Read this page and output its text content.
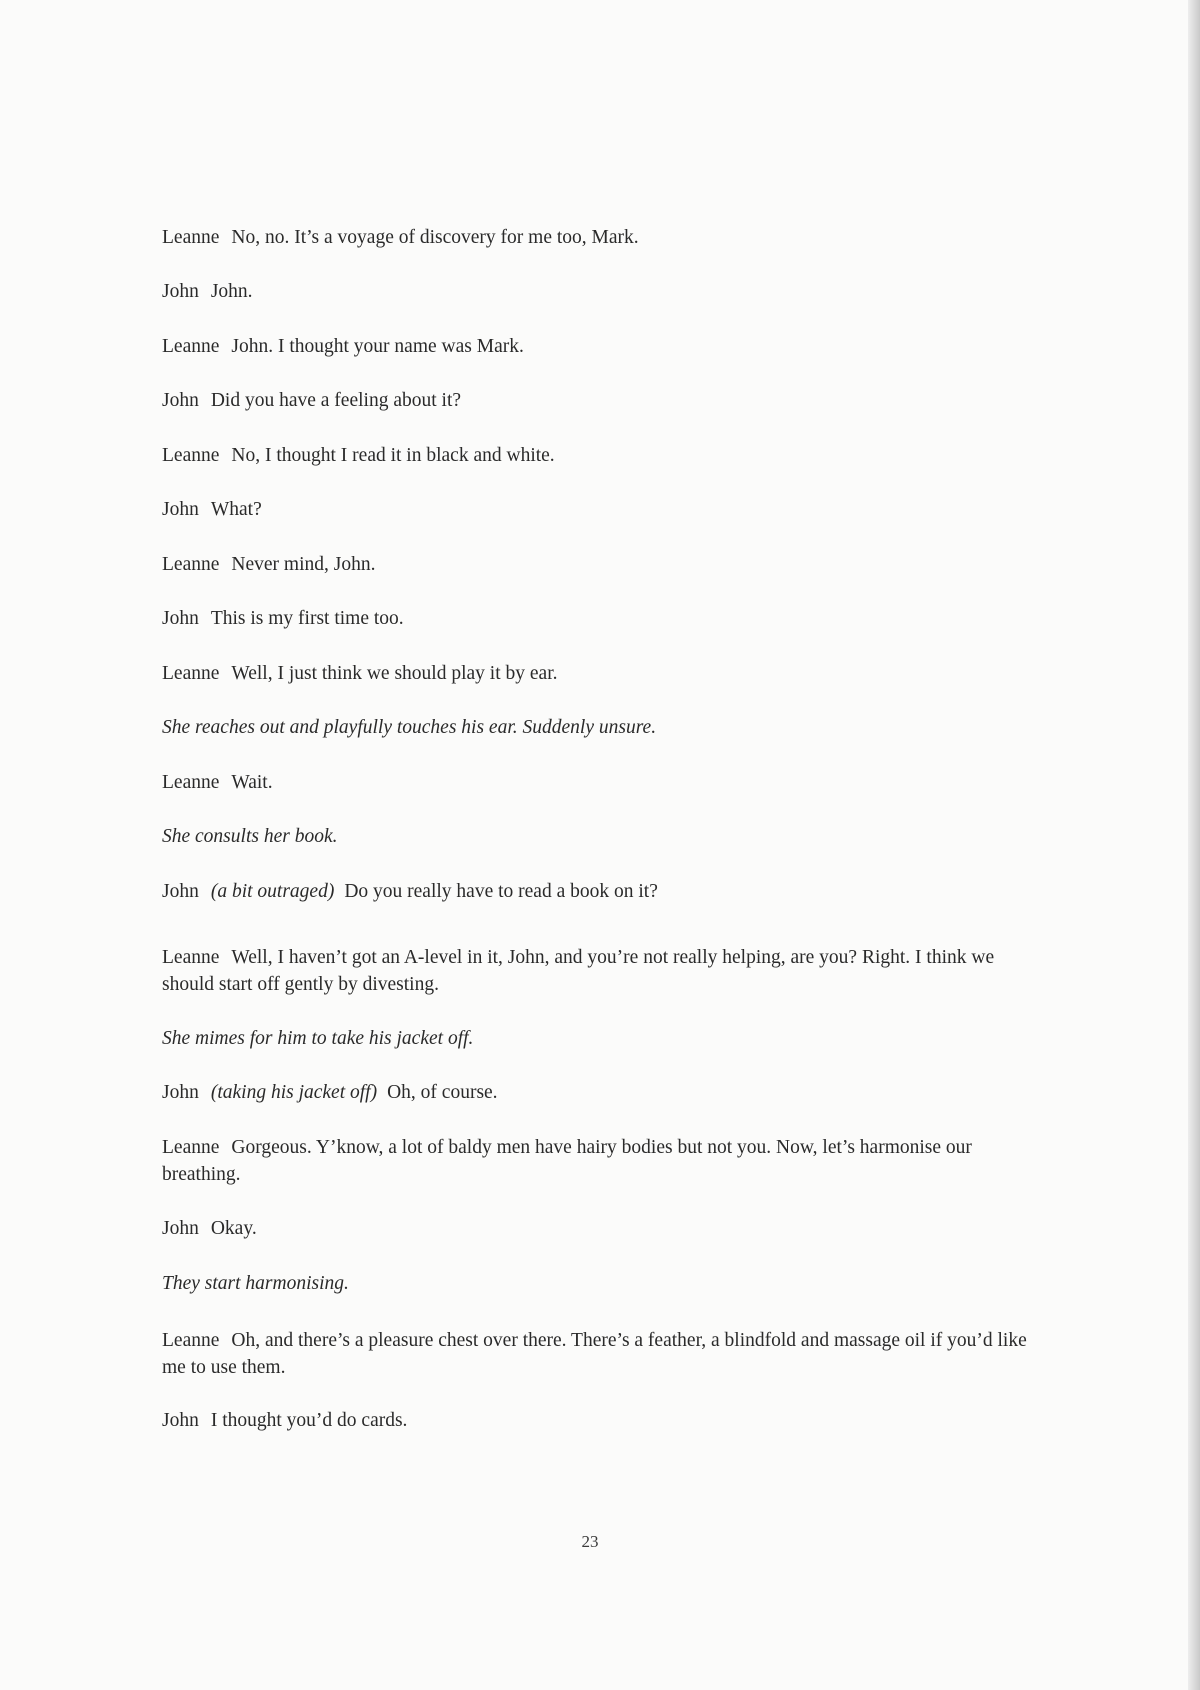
Leanne No, no. It’s a voyage of discovery for me too, Mark.

John John.

Leanne John. I thought your name was Mark.

John Did you have a feeling about it?

Leanne No, I thought I read it in black and white.

John What?

Leanne Never mind, John.

John This is my first time too.

Leanne Well, I just think we should play it by ear.

She reaches out and playfully touches his ear. Suddenly unsure.

Leanne Wait.

She consults her book.

John (a bit outraged) Do you really have to read a book on it?

Leanne Well, I haven’t got an A-level in it, John, and you’re not really helping, are you? Right. I think we should start off gently by divesting.

She mimes for him to take his jacket off.

John (taking his jacket off) Oh, of course.

Leanne Gorgeous. Y’know, a lot of baldy men have hairy bodies but not you. Now, let’s harmonise our breathing.

John Okay.

They start harmonising.

Leanne Oh, and there’s a pleasure chest over there. There’s a feather, a blindfold and massage oil if you’d like me to use them.

John I thought you’d do cards.

23
